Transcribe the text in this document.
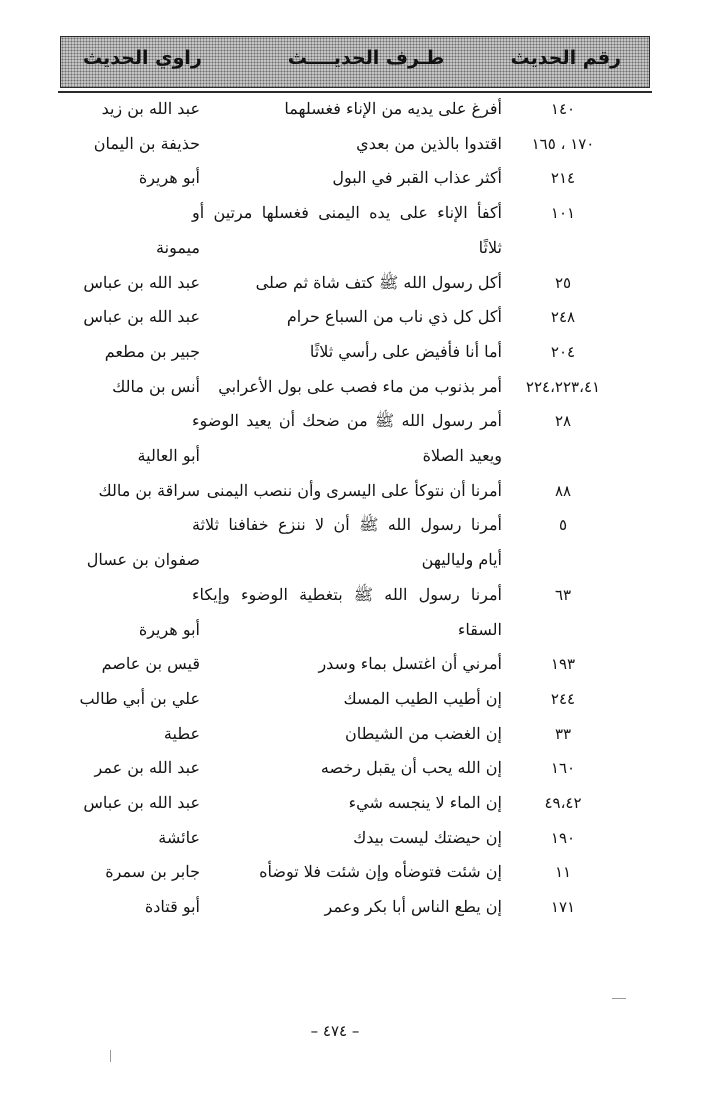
رقم الحديث
طـرف الحديــــث
راوي الحديث
١٤٠
أفرغ على يديه من الإناء فغسلهما
عبد الله بن زيد
١٧٠ ، ١٦٥
اقتدوا بالذين من بعدي
حذيفة بن اليمان
٢١٤
أكثر عذاب القبر في البول
أبو هريرة
١٠١
أكفأ الإناء على يده اليمنى فغسلها مرتين أو
ثلاثًا
ميمونة
٢٥
أكل رسول الله ﷺ كتف شاة ثم صلى
عبد الله بن عباس
٢٤٨
أكل كل ذي ناب من السباع حرام
عبد الله بن عباس
٢٠٤
أما أنا فأفيض على رأسي ثلاثًا
جبير بن مطعم
٢٢٤،٢٢٣،٤١
أمر بذنوب من ماء فصب على بول الأعرابي
أنس بن مالك
٢٨
أمر رسول الله ﷺ من ضحك أن يعيد الوضوء
ويعيد الصلاة
أبو العالية
٨٨
أمرنا أن نتوكأ على اليسرى وأن ننصب اليمنى
سراقة بن مالك
٥
أمرنا رسول الله ﷺ أن لا ننزع خفافنا ثلاثة
أيام ولياليهن
صفوان بن عسال
٦٣
أمرنا رسول الله ﷺ بتغطية الوضوء وإيكاء
السقاء
أبو هريرة
١٩٣
أمرني أن اغتسل بماء وسدر
قيس بن عاصم
٢٤٤
إن أطيب الطيب المسك
علي بن أبي طالب
٣٣
إن الغضب من الشيطان
عطية
١٦٠
إن الله يحب أن يقبل رخصه
عبد الله بن عمر
٤٩،٤٢
إن الماء لا ينجسه شيء
عبد الله بن عباس
١٩٠
إن حيضتك ليست بيدك
عائشة
١١
إن شئت فتوضأه وإن شئت فلا توضأه
جابر بن سمرة
١٧١
إن يطع الناس أبا بكر وعمر
أبو قتادة
– ٤٧٤ –
